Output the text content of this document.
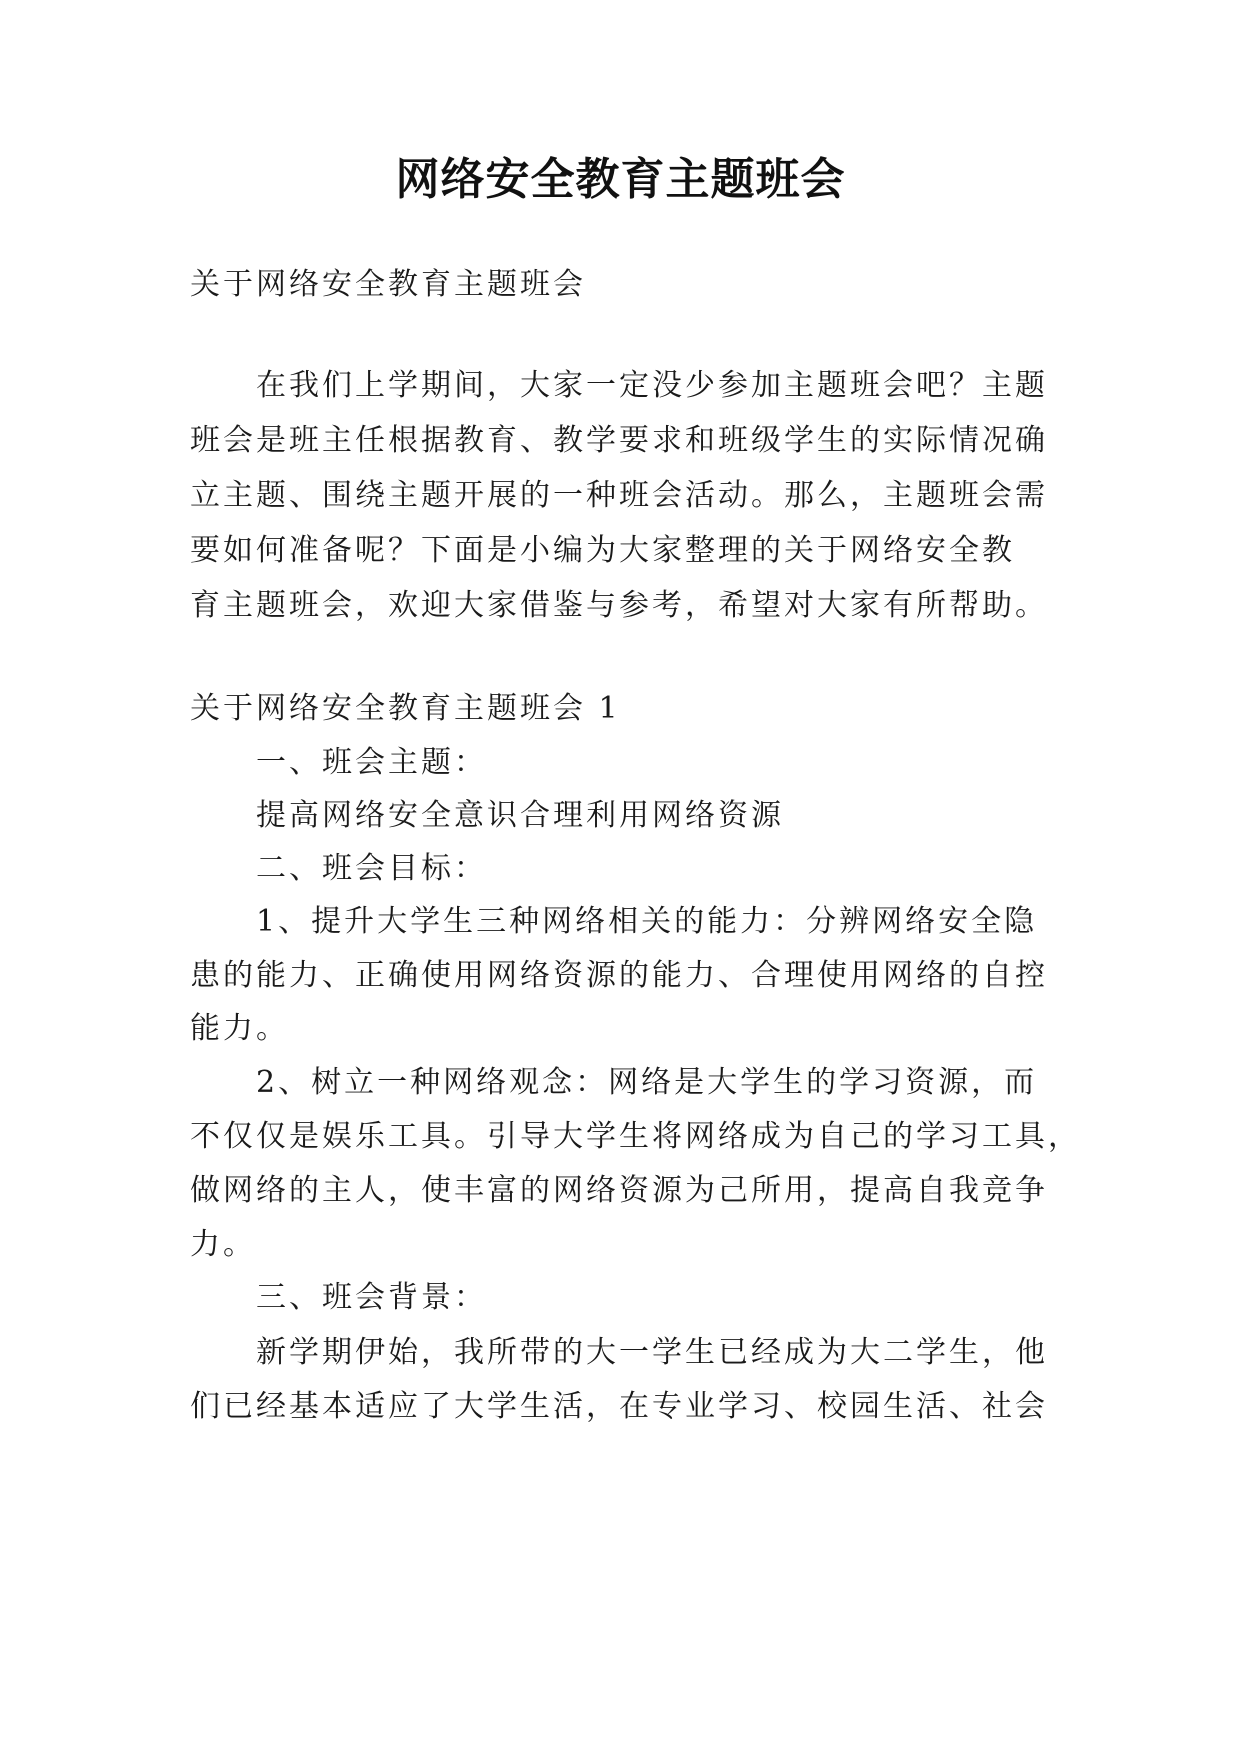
网络安全教育主题班会
关于网络安全教育主题班会
在我们上学期间，大家一定没少参加主题班会吧？主题
班会是班主任根据教育、教学要求和班级学生的实际情况确
立主题、围绕主题开展的一种班会活动。那么，主题班会需
要如何准备呢？下面是小编为大家整理的关于网络安全教
育主题班会，欢迎大家借鉴与参考，希望对大家有所帮助。
关于网络安全教育主题班会 1
一、班会主题：
提高网络安全意识合理利用网络资源
二、班会目标：
1、提升大学生三种网络相关的能力：分辨网络安全隐
患的能力、正确使用网络资源的能力、合理使用网络的自控
能力。
2、树立一种网络观念：网络是大学生的学习资源，而
不仅仅是娱乐工具。引导大学生将网络成为自己的学习工具，
做网络的主人，使丰富的网络资源为己所用，提高自我竞争
力。
三、班会背景：
新学期伊始，我所带的大一学生已经成为大二学生，他
们已经基本适应了大学生活，在专业学习、校园生活、社会
